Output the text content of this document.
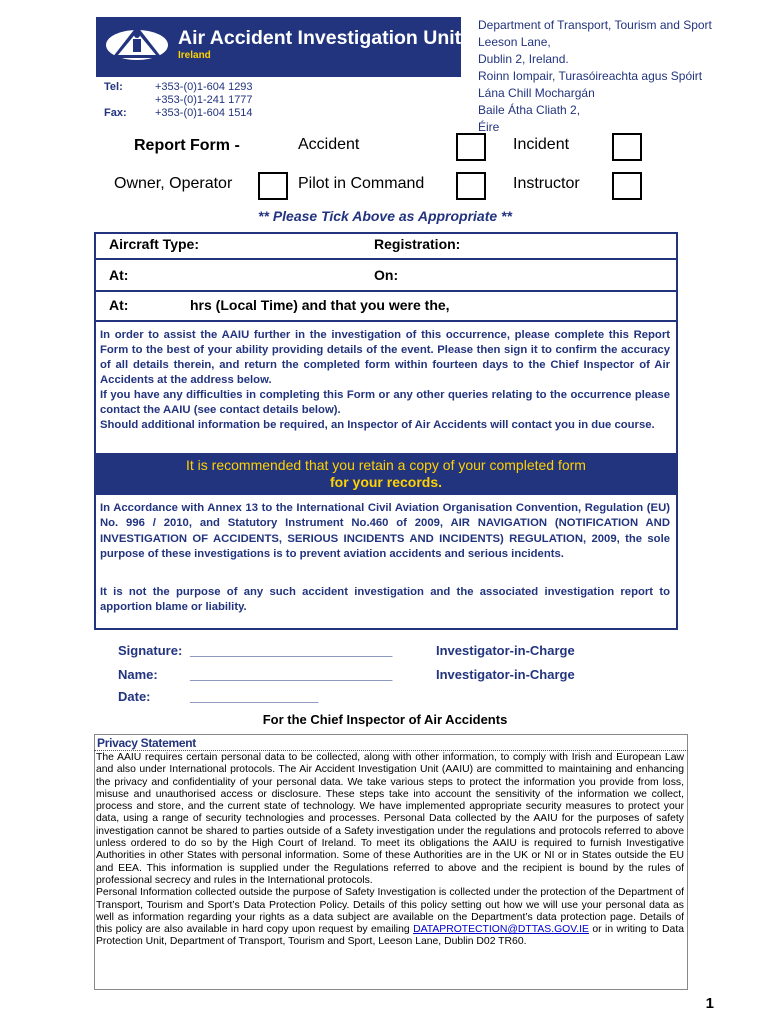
Air Accident Investigation Unit
Ireland
Tel:	+353-(0)1-604 1293
+353-(0)1-241 1777
Fax:	+353-(0)1-604 1514
Department of Transport, Tourism and Sport
Leeson Lane,
Dublin 2, Ireland.
Roinn Iompair, Turasóireachta agus Spóirt
Lána Chill Mochargán
Baile Átha Cliath 2,
Éire
Report Form -	Accident	Incident
Owner, Operator	Pilot in Command	Instructor
** Please Tick Above as Appropriate **
Aircraft Type:	Registration:
At:	On:
At:	hrs (Local Time) and that you were the,
In order to assist the AAIU further in the investigation of this occurrence, please complete this Report Form to the best of your ability providing details of the event. Please then sign it to confirm the accuracy of all details therein, and return the completed form within fourteen days to the Chief Inspector of Air Accidents at the address below.
If you have any difficulties in completing this Form or any other queries relating to the occurrence please contact the AAIU (see contact details below).
Should additional information be required, an Inspector of Air Accidents will contact you in due course.
It is recommended that you retain a copy of your completed form
for your records.
In Accordance with Annex 13 to the International Civil Aviation Organisation Convention, Regulation (EU) No. 996 / 2010, and Statutory Instrument No.460 of 2009, AIR NAVIGATION (NOTIFICATION AND INVESTIGATION OF ACCIDENTS, SERIOUS INCIDENTS AND INCIDENTS) REGULATION, 2009, the sole purpose of these investigations is to prevent aviation accidents and serious incidents.
It is not the purpose of any such accident investigation and the associated investigation report to apportion blame or liability.
Signature: ______________________________	Investigator-in-Charge
Name: ______________________________	Investigator-in-Charge
Date:	___________________
For the Chief Inspector of Air Accidents
Privacy Statement
The AAIU requires certain personal data to be collected, along with other information, to comply with Irish and European Law and also under International protocols. The Air Accident Investigation Unit (AAIU) are committed to maintaining and enhancing the privacy and confidentiality of your personal data. We take various steps to protect the information you provide from loss, misuse and unauthorised access or disclosure. These steps take into account the sensitivity of the information we collect, process and store, and the current state of technology. We have implemented appropriate security measures to protect your data, using a range of security technologies and processes. Personal Data collected by the AAIU for the purposes of safety investigation cannot be shared to parties outside of a Safety investigation under the regulations and protocols referred to above unless ordered to do so by the High Court of Ireland. To meet its obligations the AAIU is required to furnish Investigative Authorities in other States with personal information. Some of these Authorities are in the UK or NI or in States outside the EU and EEA. This information is supplied under the Regulations referred to above and the recipient is bound by the rules of professional secrecy and rules in the International protocols.
Personal Information collected outside the purpose of Safety Investigation is collected under the protection of the Department of Transport, Tourism and Sport’s Data Protection Policy. Details of this policy setting out how we will use your personal data as well as information regarding your rights as a data subject are available on the Department’s data protection page. Details of this policy are also available in hard copy upon request by emailing DATAPROTECTION@DTTAS.GOV.IE or in writing to Data Protection Unit, Department of Transport, Tourism and Sport, Leeson Lane, Dublin D02 TR60.
1
